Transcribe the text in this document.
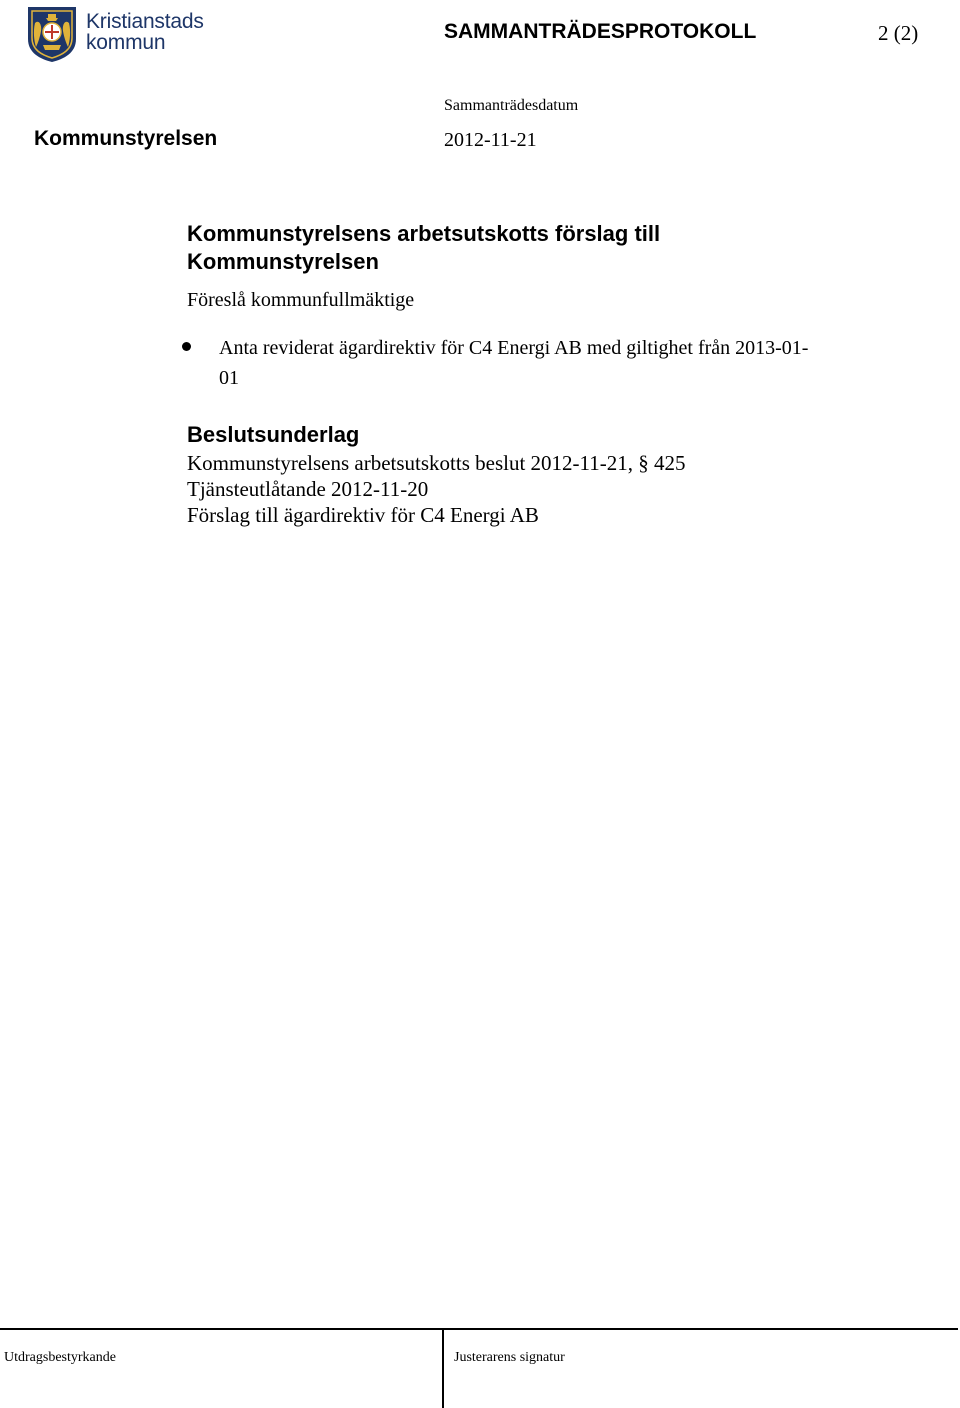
Kristianstads
kommun	SAMMANTRÄDESPROTOKOLL	2 (2)
Sammanträdesdatum
Kommunstyrelsen	2012-11-21
Kommunstyrelsens arbetsutskotts förslag till Kommunstyrelsen
Föreslå kommunfullmäktige
Anta reviderat ägardirektiv för C4 Energi AB med giltighet från 2013-01-01
Beslutsunderlag
Kommunstyrelsens arbetsutskotts beslut 2012-11-21, § 425
Tjänsteutlåtande 2012-11-20
Förslag till ägardirektiv för C4 Energi AB
Utdragsbestyrkande	Justerarens signatur
